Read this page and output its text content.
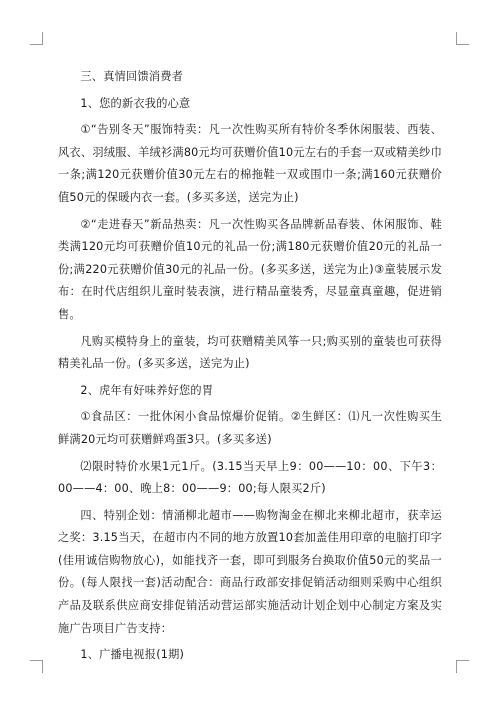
三、真情回馈消费者

1、您的新衣我的心意

①“告别冬天”服饰特卖：凡一次性购买所有特价冬季休闲服装、西装、风衣、羽绒服、羊绒衫满80元均可获赠价值10元左右的手套一双或精美纱巾一条;满120元获赠价值30元左右的棉拖鞋一双或围巾一条;满160元获赠价值50元的保暖内衣一套。(多买多送，送完为止)

②“走进春天”新品热卖：凡一次性购买各品牌新品春装、休闲服饰、鞋类满120元均可获赠价值10元的礼品一份;满180元获赠价值20元的礼品一份;满220元获赠价值30元的礼品一份。(多买多送，送完为止)③童装展示发布：在时代店组织儿童时装表演，进行精品童装秀，尽显童真童趣，促进销售。

凡购买模特身上的童装，均可获赠精美风筝一只;购买别的童装也可获得精美礼品一份。(多买多送，送完为止)

2、虎年有好味养好您的胃

①食品区：一批休闲小食品惊爆价促销。②生鲜区：⑴凡一次性购买生鲜满20元均可获赠鲜鸡蛋3只。(多买多送)

⑵限时特价水果1元1斤。(3.15当天早上9：00——10：00、下午3：00——4：00、晚上8：00——9：00;每人限买2斤)

四、特别企划：情涌柳北超市——购物淘金在柳北来柳北超市，获幸运之奖：3.15当天，在超市内不同的地方放置10套加盖佳用印章的电脑打印字(佳用诚信购物放心)，如能找齐一套，即可到服务台换取价值50元的奖品一份。(每人限找一套)活动配合：商品行政部安排促销活动细则采购中心组织产品及联系供应商安排促销活动营运部实施活动计划企划中心制定方案及实施广告项目广告支持：

1、广播电视报(1期)
